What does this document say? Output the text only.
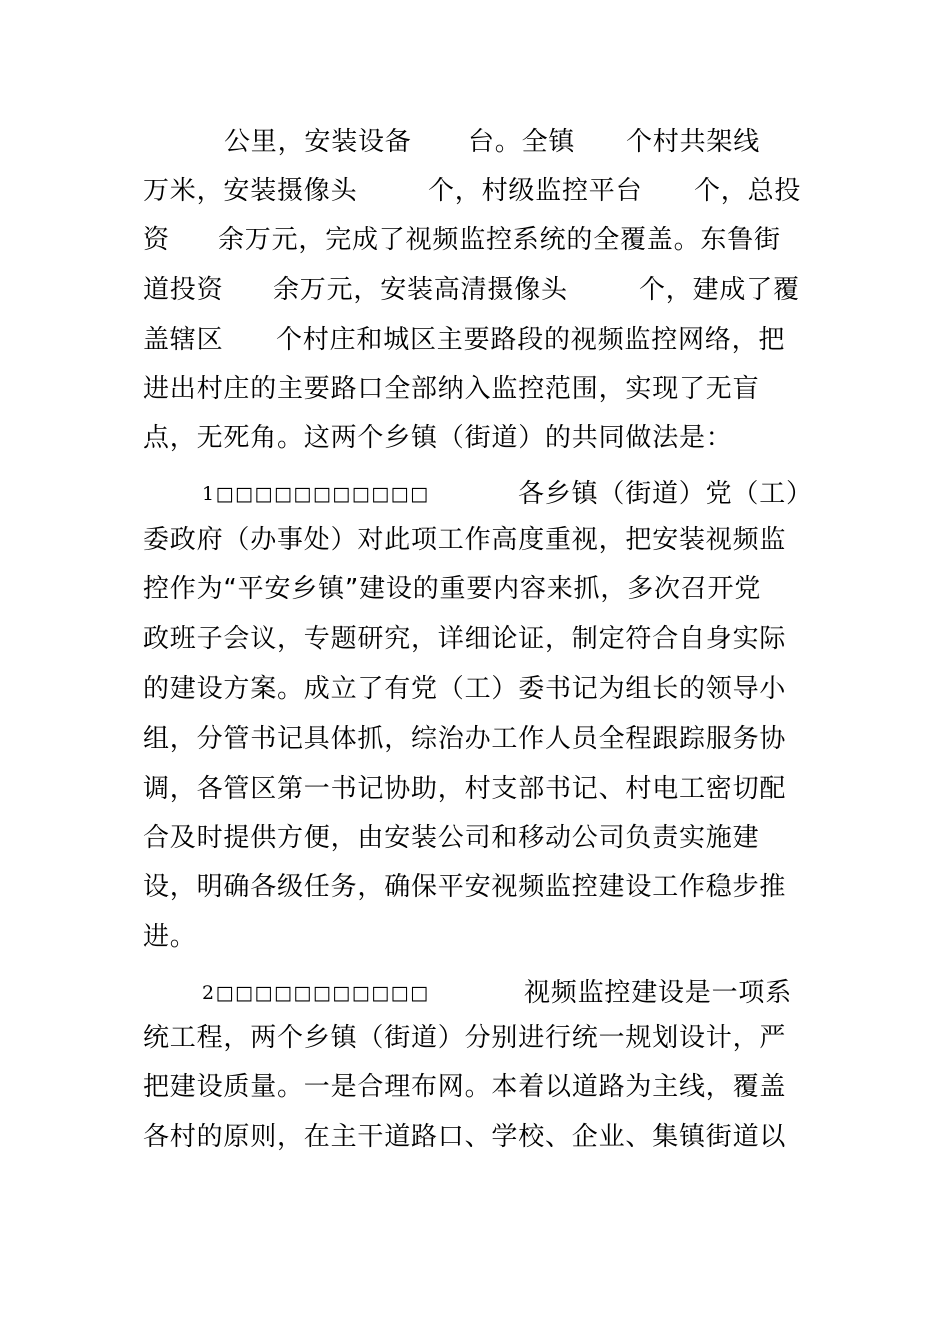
公里，安装设备 台。全镇 个村共架线
万米，安装摄像头	个，村级监控平台 个，总投
资 余万元，完成了视频监控系统的全覆盖。东鲁街
道投资 余万元，安装高清摄像头	个，建成了覆
盖辖区 个村庄和城区主要路段的视频监控网络，把
进出村庄的主要路口全部纳入监控范围，实现了无盲
点，无死角。这两个乡镇（街道）的共同做法是：
1□□□□□□□□□□□	各乡镇（街道）党（工）
委政府（办事处）对此项工作高度重视，把安装视频监
控作为“平安乡镇”建设的重要内容来抓，多次召开党
政班子会议，专题研究，详细论证，制定符合自身实际
的建设方案。成立了有党（工）委书记为组长的领导小
组，分管书记具体抓，综治办工作人员全程跟踪服务协
调，各管区第一书记协助，村支部书记、村电工密切配
合及时提供方便，由安装公司和移动公司负责实施建
设，明确各级任务，确保平安视频监控建设工作稳步推
进。
2□□□□□□□□□□□	视频监控建设是一项系
统工程，两个乡镇（街道）分别进行统一规划设计，严
把建设质量。一是合理布网。本着以道路为主线，覆盖
各村的原则，在主干道路口、学校、企业、集镇街道以
